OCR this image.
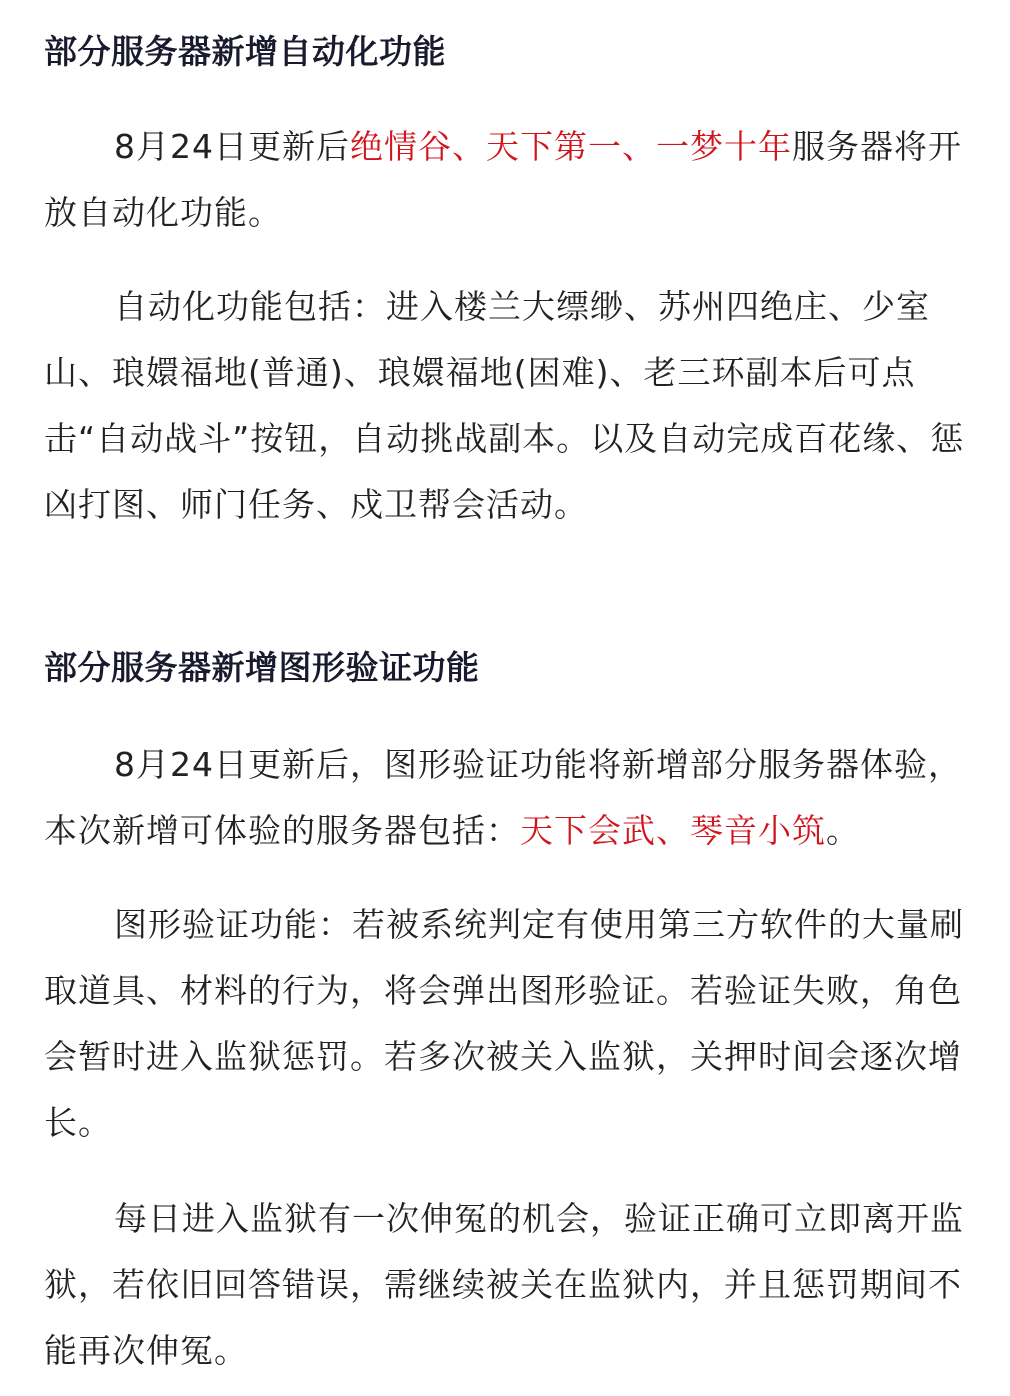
部分服务器新增自动化功能

8月24日更新后绝情谷、天下第一、一梦十年服务器将开放自动化功能。

自动化功能包括：进入楼兰大缥缈、苏州四绝庄、少室山、琅嬛福地(普通)、琅嬛福地(困难)、老三环副本后可点击“自动战斗”按钮，自动挑战副本。以及自动完成百花缘、惩凶打图、师门任务、戍卫帮会活动。

部分服务器新增图形验证功能

8月24日更新后，图形验证功能将新增部分服务器体验，本次新增可体验的服务器包括：天下会武、琴音小筑。

图形验证功能：若被系统判定有使用第三方软件的大量刷取道具、材料的行为，将会弹出图形验证。若验证失败，角色会暂时进入监狱惩罚。若多次被关入监狱，关押时间会逐次增长。

每日进入监狱有一次伸冤的机会，验证正确可立即离开监狱，若依旧回答错误，需继续被关在监狱内，并且惩罚期间不能再次伸冤。
